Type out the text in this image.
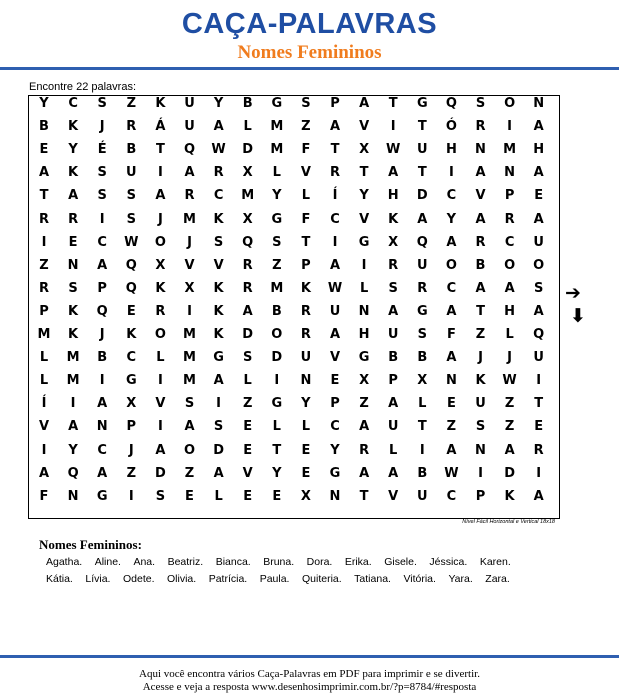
CAÇA-PALAVRAS
Nomes Femininos
Encontre 22 palavras:
Y	C	S	Z	K	U	Y	B	G	S	P	A	T	G	Q	S	O	N
B	K	J	R	Á	U	A	L	M	Z	A	V	I	T	Ó	R	I	A
E	Y	É	B	T	Q	W	D	M	F	T	X	W	U	H	N	M	H
A	K	S	U	I	A	R	X	L	V	R	T	A	T	I	A	N	A
T	A	S	S	A	R	C	M	Y	L	Í	Y	H	D	C	V	P	E
R	R	I	S	J	M	K	X	G	F	C	V	K	A	Y	A	R	A
I	E	C	W	O	J	S	Q	S	T	I	G	X	Q	A	R	C	U
Z	N	A	Q	X	V	V	R	Z	P	A	I	R	U	O	B	O	O
R	S	P	Q	K	X	K	R	M	K	W	L	S	R	C	A	A	S
P	K	Q	E	R	I	K	A	B	R	U	N	A	G	A	T	H	A
M	K	J	K	O	M	K	D	O	R	A	H	U	S	F	Z	L	Q
L	M	B	C	L	M	G	S	D	U	V	G	B	B	A	J	J	U
L	M	I	G	I	M	A	L	I	N	E	X	P	X	N	K	W	I
Í	I	A	X	V	S	I	Z	G	Y	P	Z	A	L	E	U	Z	T
V	A	N	P	I	A	S	E	L	L	C	A	U	T	Z	S	Z	E
I	Y	C	J	A	O	D	E	T	E	Y	R	L	I	A	N	A	R
A	Q	A	Z	D	Z	A	V	Y	E	G	A	A	B	W	I	D	I
F	N	G	I	S	E	L	E	E	X	N	T	V	U	C	P	K	A
Nível Fácil Horizontal e Vertical 18x18
➔
⬇
Nomes Femininos:
Agatha. Aline. Ana. Beatriz. Bianca. Bruna. Dora. Erika. Gisele. Jéssica. Karen.
Kátia. Lívia. Odete. Olivia. Patrícia. Paula. Quiteria. Tatiana. Vitória. Yara. Zara.
Aqui você encontra vários Caça-Palavras em PDF para imprimir e se divertir.
Acesse e veja a resposta www.desenhosimprimir.com.br/?p=8784/#resposta
